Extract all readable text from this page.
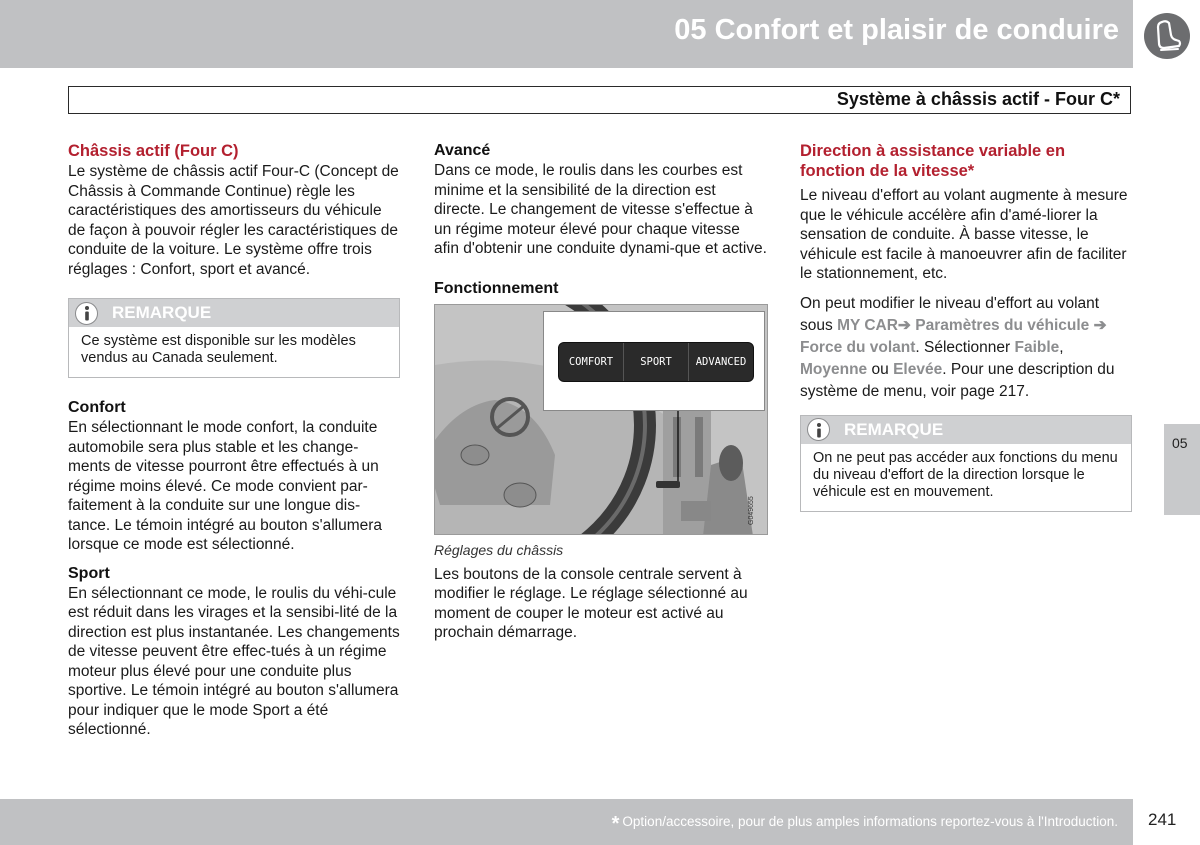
05 Confort et plaisir de conduire
Système à châssis actif - Four C*
Châssis actif (Four C)

Le système de châssis actif Four-C (Concept de Châssis à Commande Continue) règle les caractéristiques des amortisseurs du véhicule de façon à pouvoir régler les caractéristiques de conduite de la voiture. Le système offre trois réglages : Confort, sport et avancé.

REMARQUE
Ce système est disponible sur les modèles vendus au Canada seulement.
Confort

En sélectionnant le mode confort, la conduite automobile sera plus stable et les change-ments de vitesse pourront être effectués à un régime moins élevé. Ce mode convient par-faitement à la conduite sur une longue dis-tance. Le témoin intégré au bouton s'allumera lorsque ce mode est sélectionné.

Sport

En sélectionnant ce mode, le roulis du véhi-cule est réduit dans les virages et la sensibi-lité de la direction est plus instantanée. Les changements de vitesse peuvent être effec-tués à un régime moteur plus élevé pour une conduite plus sportive. Le témoin intégré au bouton s'allumera pour indiquer que le mode Sport a été sélectionné.

Avancé

Dans ce mode, le roulis dans les courbes est minime et la sensibilité de la direction est directe. Le changement de vitesse s'effectue à un régime moteur élevé pour chaque vitesse afin d'obtenir une conduite dynami-que et active.

Fonctionnement
G049655
COMFORT	SPORT	ADVANCED
Réglages du châssis

Les boutons de la console centrale servent à modifier le réglage. Le réglage sélectionné au moment de couper le moteur est activé au prochain démarrage.

Direction à assistance variable en fonction de la vitesse*

Le niveau d'effort au volant augmente à mesure que le véhicule accélère afin d'amé-liorer la sensation de conduite. À basse vitesse, le véhicule est facile à manoeuvrer afin de faciliter le stationnement, etc.

On peut modifier le niveau d'effort au volant sous MY CAR➔ Paramètres du véhicule ➔ Force du volant. Sélectionner Faible, Moyenne ou Elevée. Pour une description du système de menu, voir page 217.

REMARQUE
On ne peut pas accéder aux fonctions du menu du niveau d'effort de la direction lorsque le véhicule est en mouvement.
05
* Option/accessoire, pour de plus amples informations reportez-vous à l'Introduction. 241
